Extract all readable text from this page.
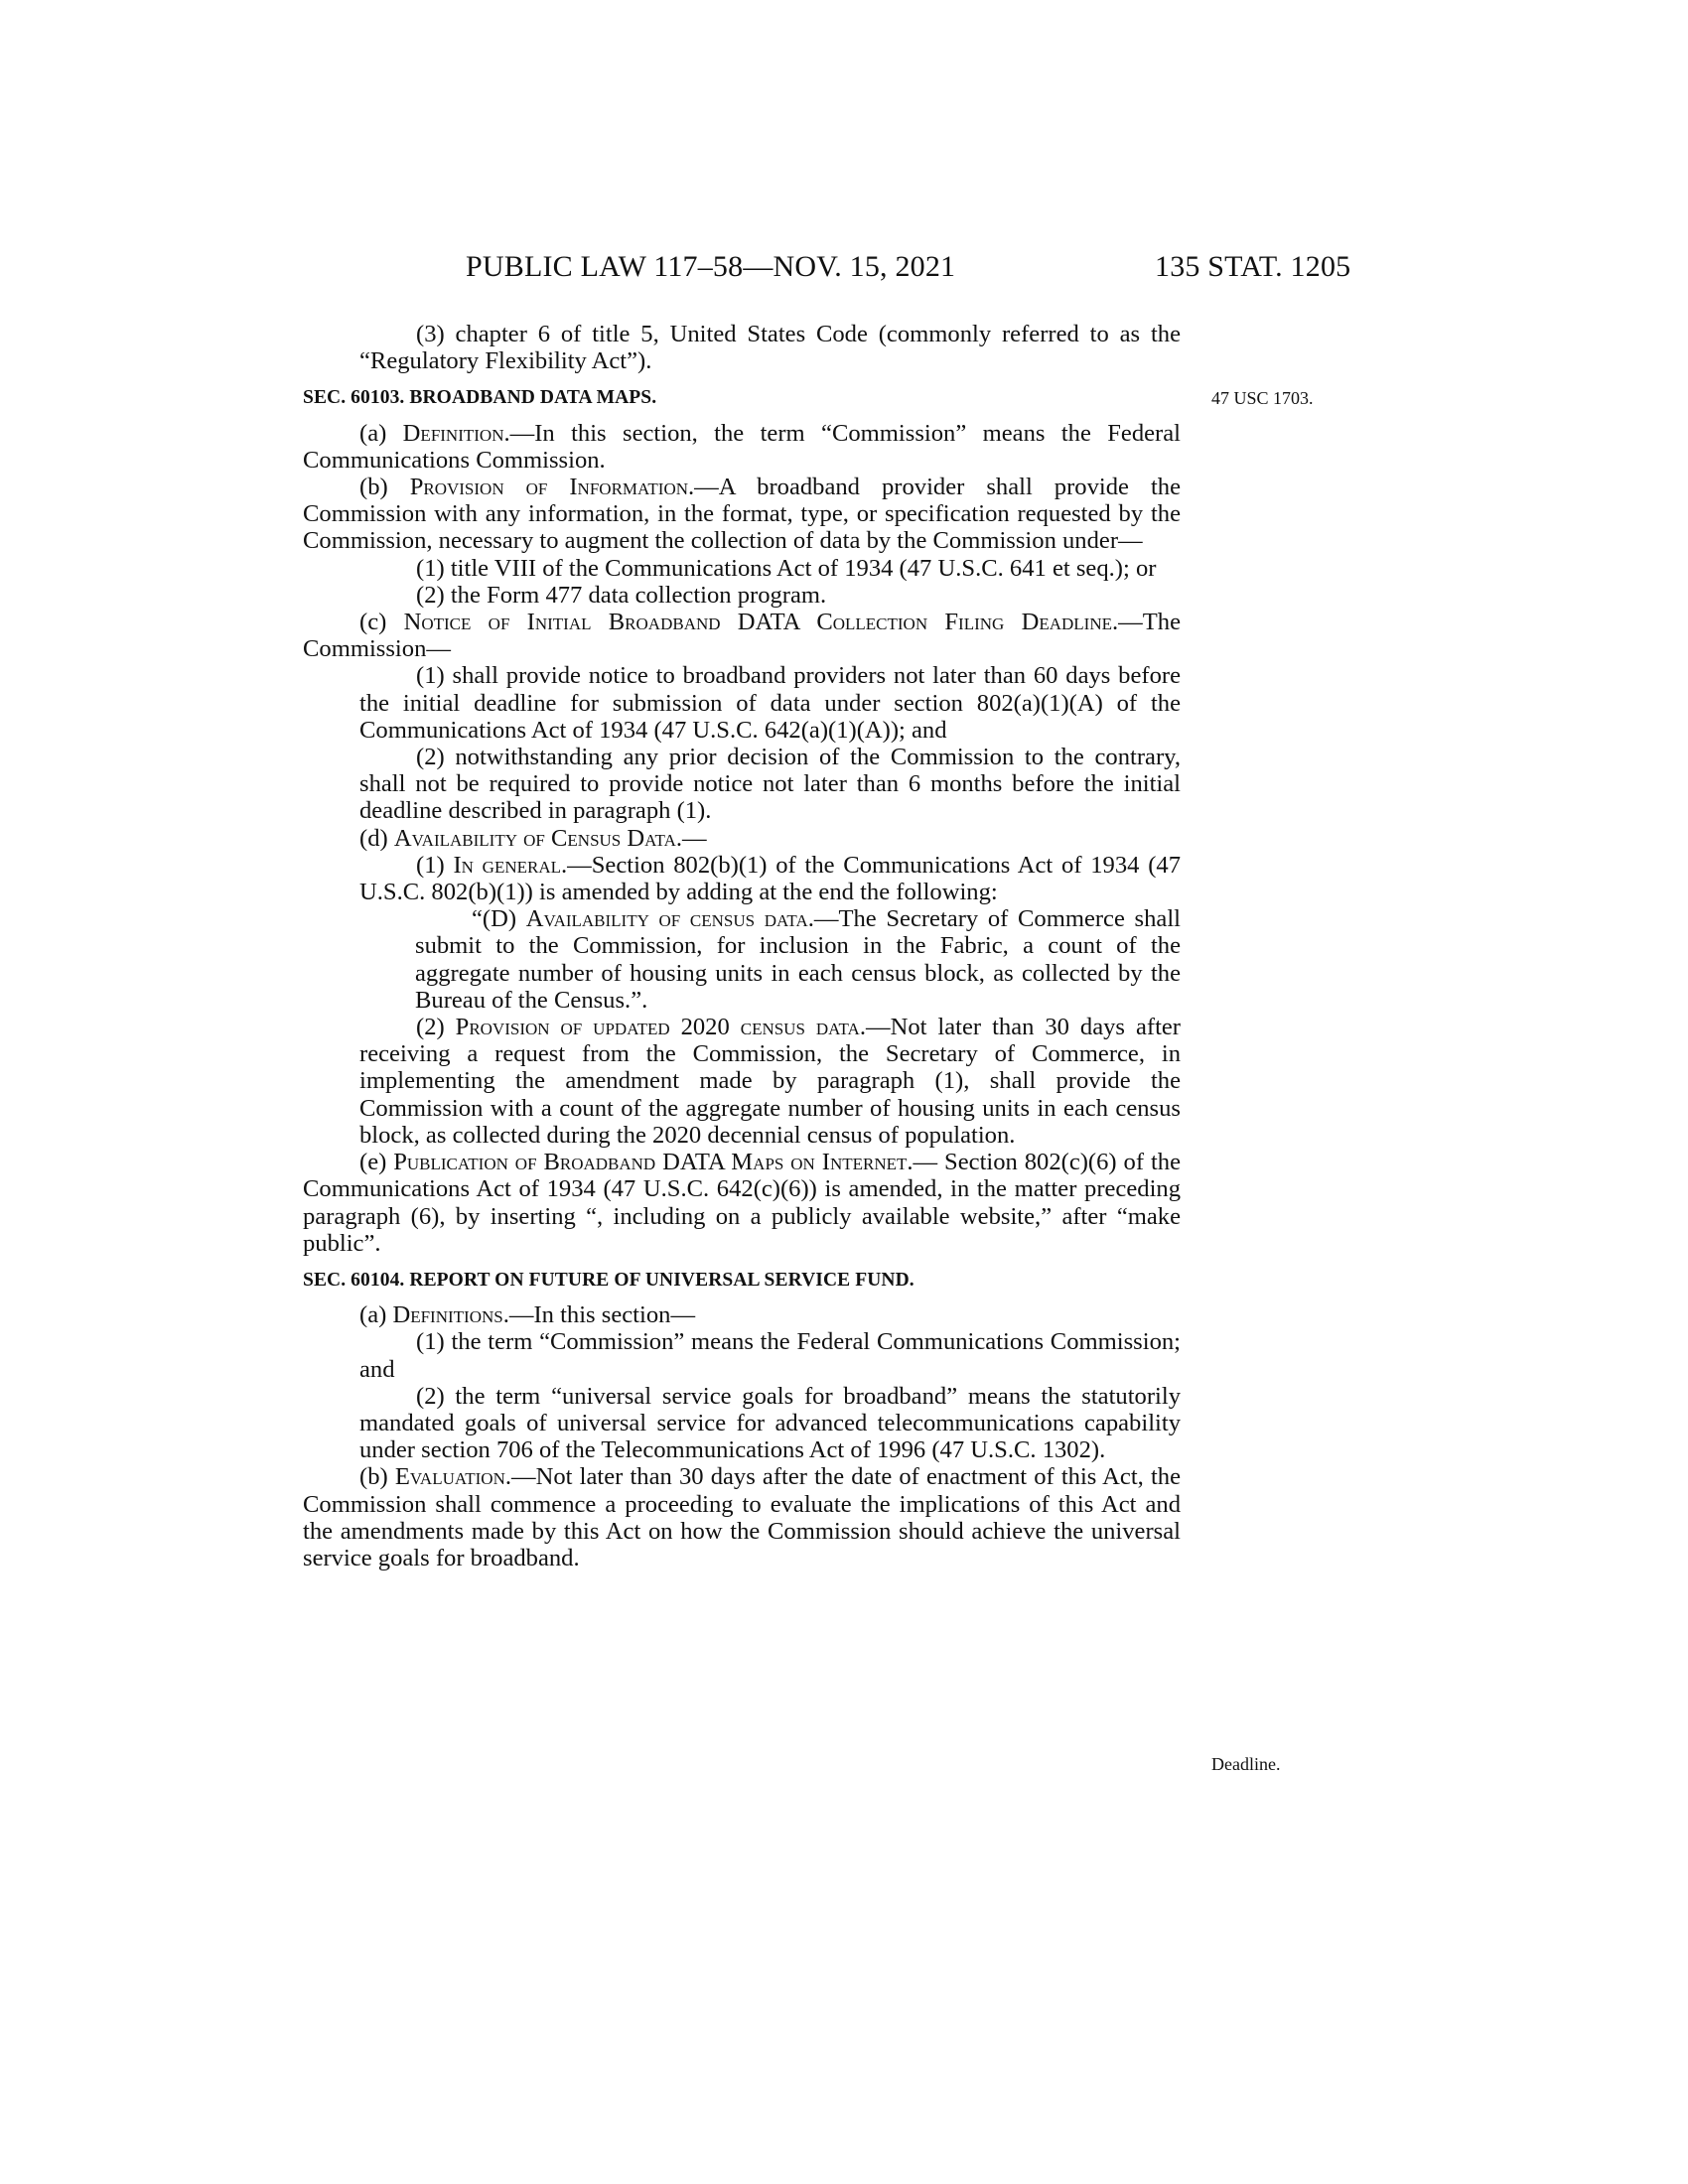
PUBLIC LAW 117–58—NOV. 15, 2021	135 STAT. 1205
47 USC 1703.
Deadline.

(3) chapter 6 of title 5, United States Code (commonly referred to as the “Regulatory Flexibility Act”).

SEC. 60103. BROADBAND DATA MAPS.

(a) Definition.—In this section, the term “Commission” means the Federal Communications Commission.

(b) Provision of Information.—A broadband provider shall provide the Commission with any information, in the format, type, or specification requested by the Commission, necessary to augment the collection of data by the Commission under—

(1) title VIII of the Communications Act of 1934 (47 U.S.C. 641 et seq.); or

(2) the Form 477 data collection program.

(c) Notice of Initial Broadband DATA Collection Filing Deadline.—The Commission—

(1) shall provide notice to broadband providers not later than 60 days before the initial deadline for submission of data under section 802(a)(1)(A) of the Communications Act of 1934 (47 U.S.C. 642(a)(1)(A)); and

(2) notwithstanding any prior decision of the Commission to the contrary, shall not be required to provide notice not later than 6 months before the initial deadline described in paragraph (1).

(d) Availability of Census Data.—

(1) In general.—Section 802(b)(1) of the Communications Act of 1934 (47 U.S.C. 802(b)(1)) is amended by adding at the end the following:

“(D) Availability of census data.—The Secretary of Commerce shall submit to the Commission, for inclusion in the Fabric, a count of the aggregate number of housing units in each census block, as collected by the Bureau of the Census.”.

(2) Provision of updated 2020 census data.—Not later than 30 days after receiving a request from the Commission, the Secretary of Commerce, in implementing the amendment made by paragraph (1), shall provide the Commission with a count of the aggregate number of housing units in each census block, as collected during the 2020 decennial census of population.

(e) Publication of Broadband DATA Maps on Internet.— Section 802(c)(6) of the Communications Act of 1934 (47 U.S.C. 642(c)(6)) is amended, in the matter preceding paragraph (6), by inserting “, including on a publicly available website,” after “make public”.

SEC. 60104. REPORT ON FUTURE OF UNIVERSAL SERVICE FUND.

(a) Definitions.—In this section—

(1) the term “Commission” means the Federal Communications Commission; and

(2) the term “universal service goals for broadband” means the statutorily mandated goals of universal service for advanced telecommunications capability under section 706 of the Telecommunications Act of 1996 (47 U.S.C. 1302).

(b) Evaluation.—Not later than 30 days after the date of enactment of this Act, the Commission shall commence a proceeding to evaluate the implications of this Act and the amendments made by this Act on how the Commission should achieve the universal service goals for broadband.
